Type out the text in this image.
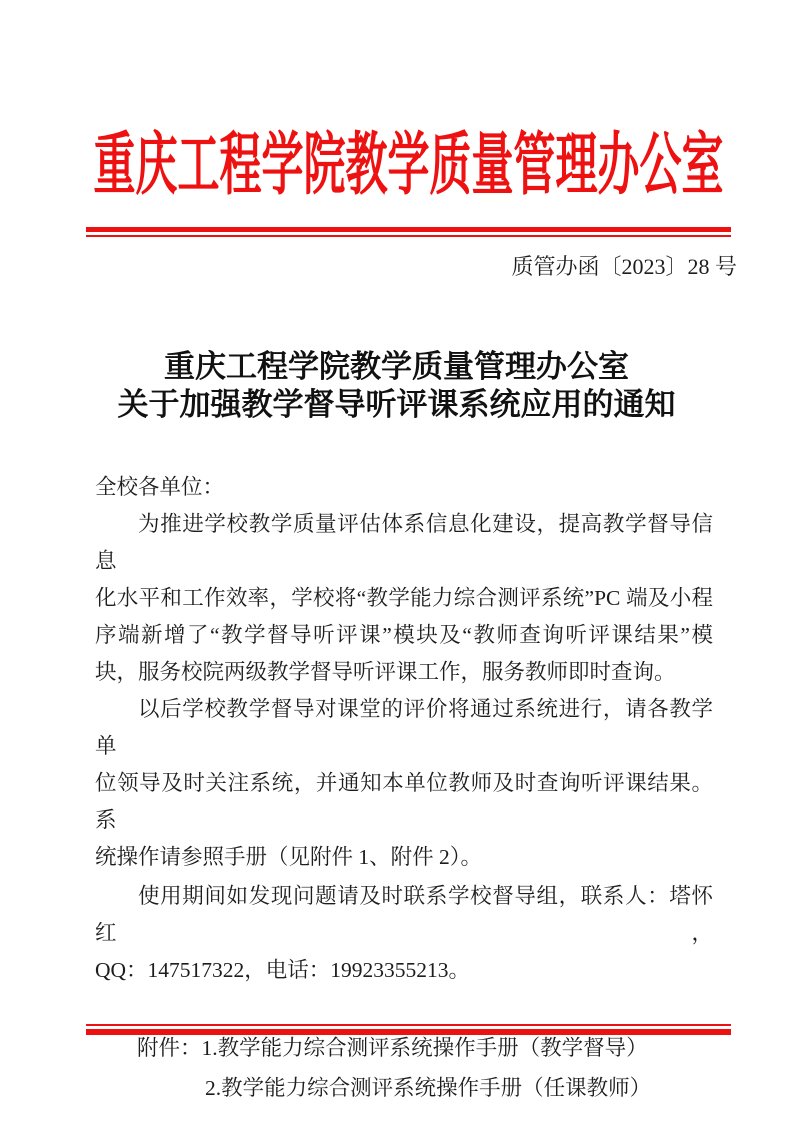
重庆工程学院教学质量管理办公室
质管办函〔2023〕28 号
重庆工程学院教学质量管理办公室
关于加强教学督导听评课系统应用的通知
全校各单位：
为推进学校教学质量评估体系信息化建设，提高教学督导信息
化水平和工作效率，学校将“教学能力综合测评系统”PC 端及小程
序端新增了“教学督导听评课”模块及“教师查询听评课结果”模
块，服务校院两级教学督导听评课工作，服务教师即时查询。
以后学校教学督导对课堂的评价将通过系统进行，请各教学单
位领导及时关注系统，并通知本单位教师及时查询听评课结果。系
统操作请参照手册（见附件 1、附件 2）。
使用期间如发现问题请及时联系学校督导组，联系人：塔怀红，
QQ：147517322，电话：19923355213。
附件：1.教学能力综合测评系统操作手册（教学督导）
2.教学能力综合测评系统操作手册（任课教师）
